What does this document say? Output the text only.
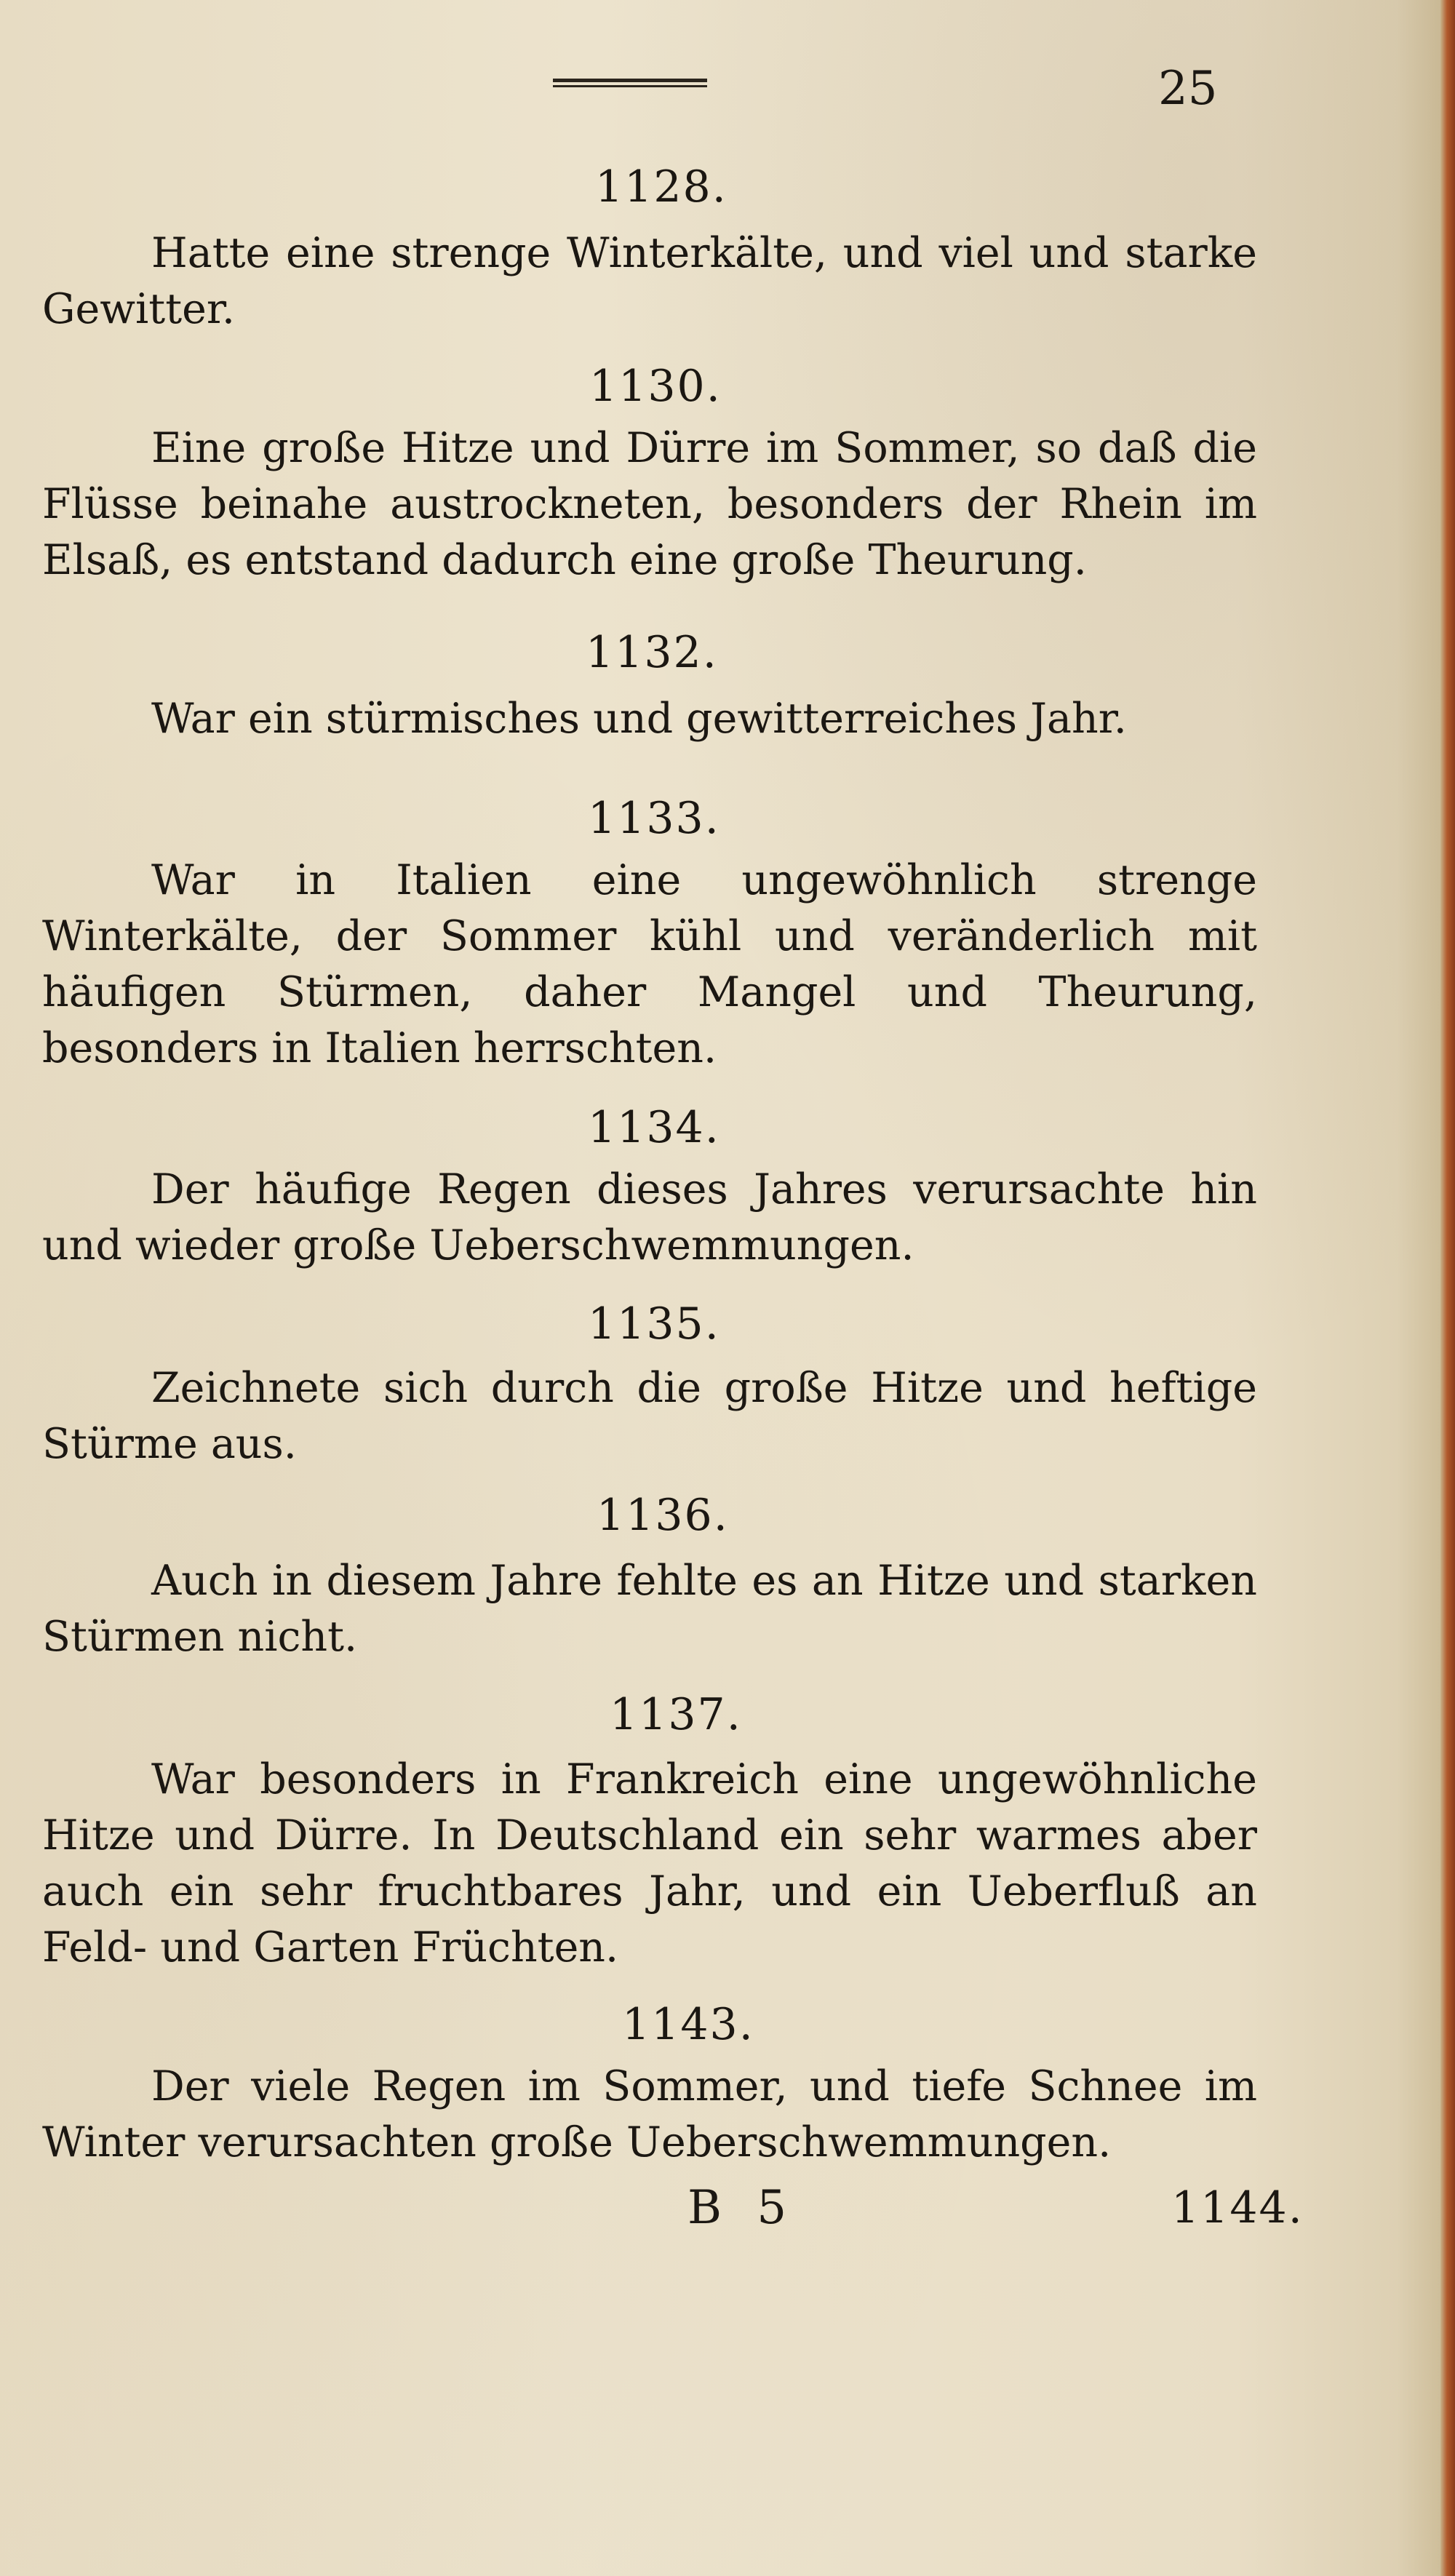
25
1128.
Hatte eine strenge Winterkälte, und viel und starke Gewitter.
1130.
Eine große Hitze und Dürre im Sommer, so daß die Flüsse beinahe austrockneten, besonders der Rhein im Elsaß, es entstand dadurch eine große Theurung.
1132.
War ein stürmisches und gewitterreiches Jahr.
1133.
War in Italien eine ungewöhnlich strenge Winterkälte, der Sommer kühl und veränderlich mit häufigen Stürmen, daher Mangel und Theurung, besonders in Italien herrschten.
1134.
Der häufige Regen dieses Jahres verursachte hin und wieder große Ueberschwemmungen.
1135.
Zeichnete sich durch die große Hitze und heftige Stürme aus.
1136.
Auch in diesem Jahre fehlte es an Hitze und starken Stürmen nicht.
1137.
War besonders in Frankreich eine ungewöhnliche Hitze und Dürre. In Deutschland ein sehr warmes aber auch ein sehr fruchtbares Jahr, und ein Ueberfluß an Feld- und Garten Früchten.
1143.
Der viele Regen im Sommer, und tiefe Schnee im Winter verursachten große Ueberschwemmungen.
B 5	1144.
